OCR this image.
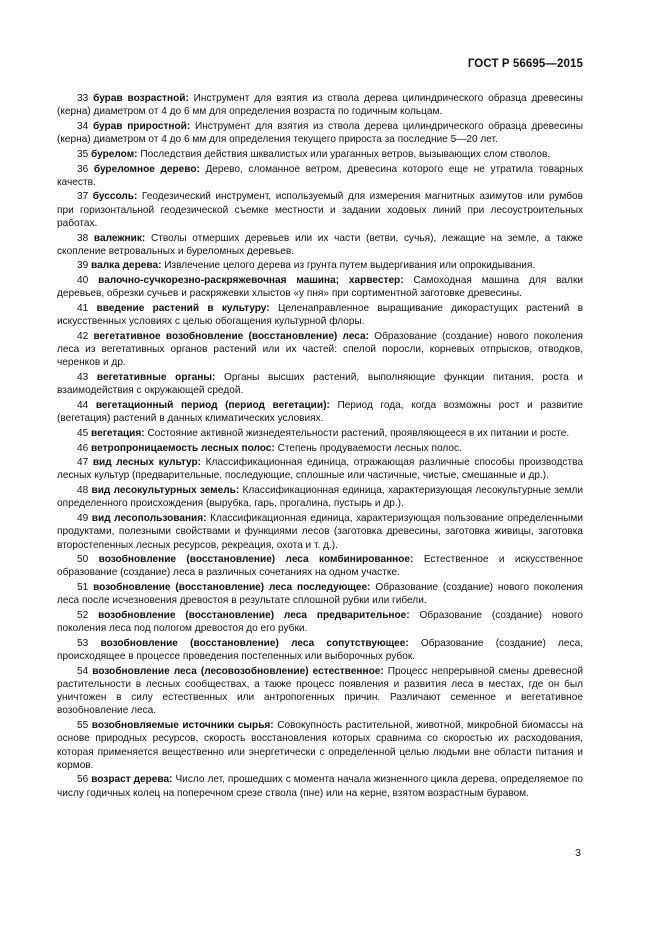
ГОСТ Р 56695—2015

33 бурав возрастной: Инструмент для взятия из ствола дерева цилиндрического образца древесины (керна) диаметром от 4 до 6 мм для определения возраста по годичным кольцам.

34 бурав приростной: Инструмент для взятия из ствола дерева цилиндрического образца древесины (керна) диаметром от 4 до 6 мм для определения текущего прироста за последние 5—20 лет.

35 бурелом: Последствия действия шквалистых или ураганных ветров, вызывающих слом стволов.

36 буреломное дерево: Дерево, сломанное ветром, древесина которого еще не утратила товарных качеств.

37 буссоль: Геодезический инструмент, используемый для измерения магнитных азимутов или румбов при горизонтальной геодезической съемке местности и задании ходовых линий при лесоустроительных работах.

38 валежник: Стволы отмерших деревьев или их части (ветви, сучья), лежащие на земле, а также скопление ветровальных и буреломных деревьев.

39 валка дерева: Извлечение целого дерева из грунта путем выдергивания или опрокидывания.

40 валочно-сучкорезно-раскряжевочная машина; харвестер: Самоходная машина для валки деревьев, обрезки сучьев и раскряжевки хлыстов «у пня» при сортиментной заготовке древесины.

41 введение растений в культуру: Целенаправленное выращивание дикорастущих растений в искусственных условиях с целью обогащения культурной флоры.

42 вегетативное возобновление (восстановление) леса: Образование (создание) нового поколения леса из вегетативных органов растений или их частей: спелой поросли, корневых отпрысков, отводков, черенков и др.

43 вегетативные органы: Органы высших растений, выполняющие функции питания, роста и взаимодействия с окружающей средой.

44 вегетационный период (период вегетации): Период года, когда возможны рост и развитие (вегетация) растений в данных климатических условиях.

45 вегетация: Состояние активной жизнедеятельности растений, проявляющееся в их питании и росте.

46 ветропроницаемость лесных полос: Степень продуваемости лесных полос.

47 вид лесных культур: Классификационная единица, отражающая различные способы производства лесных культур (предварительные, последующие, сплошные или частичные, чистые, смешанные и др.).

48 вид лесокультурных земель: Классификационная единица, характеризующая лесокультурные земли определенного происхождения (вырубка, гарь, прогалина, пустырь и др.).

49 вид лесопользования: Классификационная единица, характеризующая пользование определенными продуктами, полезными свойствами и функциями лесов (заготовка древесины, заготовка живицы, заготовка второстепенных лесных ресурсов, рекреация, охота и т. д.).

50 возобновление (восстановление) леса комбинированное: Естественное и искусственное образование (создание) леса в различных сочетаниях на одном участке.

51 возобновление (восстановление) леса последующее: Образование (создание) нового поколения леса после исчезновения древостоя в результате сплошной рубки или гибели.

52 возобновление (восстановление) леса предварительное: Образование (создание) нового поколения леса под пологом древостоя до его рубки.

53 возобновление (восстановление) леса сопутствующее: Образование (создание) леса, происходящее в процессе проведения постепенных или выборочных рубок.

54 возобновление леса (лесовозобновление) естественное: Процесс непрерывной смены древесной растительности в лесных сообществах, а также процесс появления и развития леса в местах, где он был уничтожен в силу естественных или антропогенных причин. Различают семенное и вегетативное возобновление леса.

55 возобновляемые источники сырья: Совокупность растительной, животной, микробной биомассы на основе природных ресурсов, скорость восстановления которых сравнима со скоростью их расходования, которая применяется вещественно или энергетически с определенной целью людьми вне области питания и кормов.

56 возраст дерева: Число лет, прошедших с момента начала жизненного цикла дерева, определяемое по числу годичных колец на поперечном срезе ствола (пне) или на керне, взятом возрастным буравом.

3
